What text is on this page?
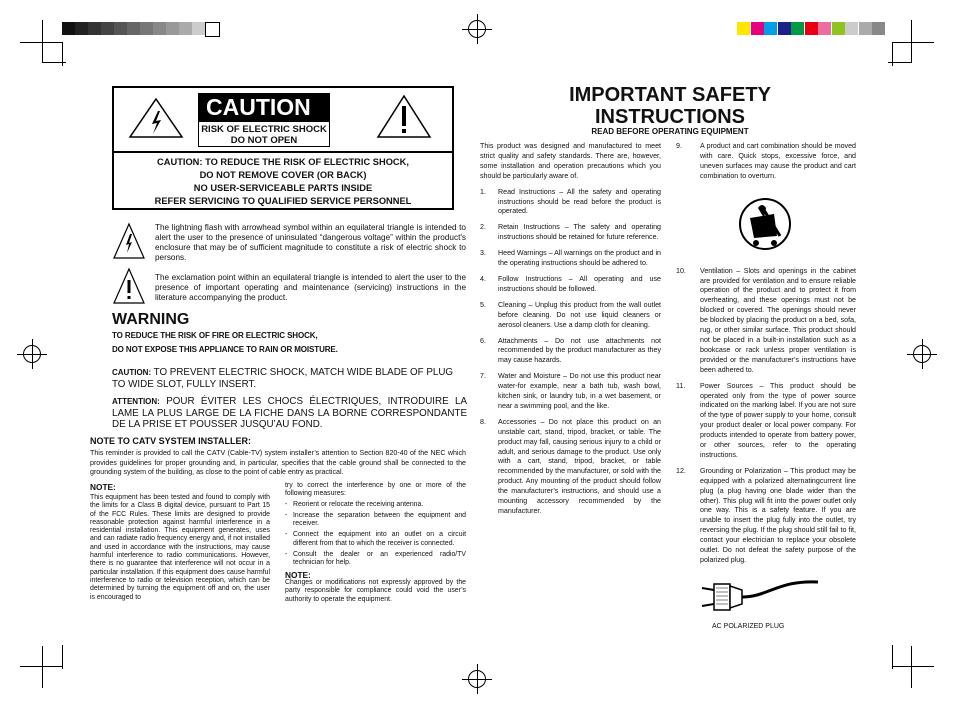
CAUTION
RISK OF ELECTRIC SHOCK
DO NOT OPEN
CAUTION: TO REDUCE THE RISK OF ELECTRIC SHOCK,
DO NOT REMOVE COVER (OR BACK)
NO USER-SERVICEABLE PARTS INSIDE
REFER SERVICING TO QUALIFIED SERVICE PERSONNEL
The lightning flash with arrowhead symbol within an equilateral triangle is intended to alert the user to the presence of uninsulated “dangerous voltage” within the product's enclosure that may be of sufficient magnitude to constitute a risk of electric shock to persons.
The exclamation point within an equilateral triangle is intended to alert the user to the presence of important operating and maintenance (servicing) instructions in the literature accompanying the product.
WARNING
TO REDUCE THE RISK OF FIRE OR ELECTRIC SHOCK,
DO NOT EXPOSE THIS APPLIANCE TO RAIN OR MOISTURE.
CAUTION: TO PREVENT ELECTRIC SHOCK, MATCH WIDE BLADE OF PLUG TO WIDE SLOT, FULLY INSERT.
ATTENTION: POUR ÉVITER LES CHOCS ÉLECTRIQUES, INTRODUIRE LA LAME LA PLUS LARGE DE LA FICHE DANS LA BORNE CORRESPONDANTE DE LA PRISE ET POUSSER JUSQU’AU FOND.
NOTE TO CATV SYSTEM INSTALLER:
This reminder is provided to call the CATV (Cable-TV) system installer’s attention to Section 820-40 of the NEC which provides guidelines for proper grounding and, in particular, specifies that the cable ground shall be connected to the grounding system of the building, as close to the point of cable entry as practical.
NOTE:
This equipment has been tested and found to comply with the limits for a Class B digital device, pursuant to Part 15 of the FCC Rules. These limits are designed to provide reasonable protection against harmful interference in a residential installation. This equipment generates, uses and can radiate radio frequency energy and, if not installed and used in accordance with the instructions, may cause harmful interference to radio communications. However, there is no guarantee that interference will not occur in a particular installation. If this equipment does cause harmful interference to radio or television reception, which can be determined by turning the equipment off and on, the user is encouraged to
try to correct the interference by one or more of the following measures:
- Reorient or relocate the receiving antenna.
- Increase the separation between the equipment and receiver.
- Connect the equipment into an outlet on a circuit different from that to which the receiver is connected.
- Consult the dealer or an experienced radio/TV technician for help.
NOTE:
Changes or modifications not expressly approved by the party responsible for compliance could void the user’s authority to operate the equipment.
IMPORTANT SAFETY
INSTRUCTIONS
READ BEFORE OPERATING EQUIPMENT
This product was designed and manufactured to meet strict quality and safety standards. There are, however, some installation and operation precautions which you should be particularly aware of.
1.	Read Instructions – All the safety and operating instructions should be read before the product is operated.
2.	Retain Instructions – The safety and operating instructions should be retained for future reference.
3.	Heed Warnings – All warnings on the product and in the operating instructions should be adhered to.
4.	Follow Instructions – All operating and use instructions should be followed.
5.	Cleaning – Unplug this product from the wall outlet before cleaning. Do not use liquid cleaners or aerosol cleaners. Use a damp cloth for cleaning.
6.	Attachments – Do not use attachments not recommended by the product manufacturer as they may cause hazards.
7.	Water and Moisture – Do not use this product near water-for example, near a bath tub, wash bowl, kitchen sink, or laundry tub, in a wet basement, or near a swimming pool, and the like.
8.	Accessories – Do not place this product on an unstable cart, stand, tripod, bracket, or table. The product may fall, causing serious injury to a child or adult, and serious damage to the product. Use only with a cart, stand, tripod, bracket, or table recommended by the manufacturer, or sold with the product. Any mounting of the product should follow the manufacturer’s instructions, and should use a mounting accessory recommended by the manufacturer.
9.	A product and cart combination should be moved with care. Quick stops, excessive force, and uneven surfaces may cause the product and cart combination to overturn.
10.	Ventilation – Slots and openings in the cabinet are provided for ventilation and to ensure reliable operation of the product and to protect it from overheating, and these openings must not be blocked or covered. The openings should never be blocked by placing the product on a bed, sofa, rug, or other similar surface. This product should not be placed in a built-in installation such as a bookcase or rack unless proper ventilation is provided or the manufacturer’s instructions have been adhered to.
11.	Power Sources – This product should be operated only from the type of power source indicated on the marking label. If you are not sure of the type of power supply to your home, consult your product dealer or local power company. For products intended to operate from battery power, or other sources, refer to the operating instructions.
12.	Grounding or Polarization – This product may be equipped with a polarized alternatingcurrent line plug (a plug having one blade wider than the other). This plug will fit into the power outlet only one way. This is a safety feature. If you are unable to insert the plug fully into the outlet, try reversing the plug. If the plug should still fail to fit, contact your electrician to replace your obsolete outlet. Do not defeat the safety purpose of the polarized plug.
AC POLARIZED PLUG
